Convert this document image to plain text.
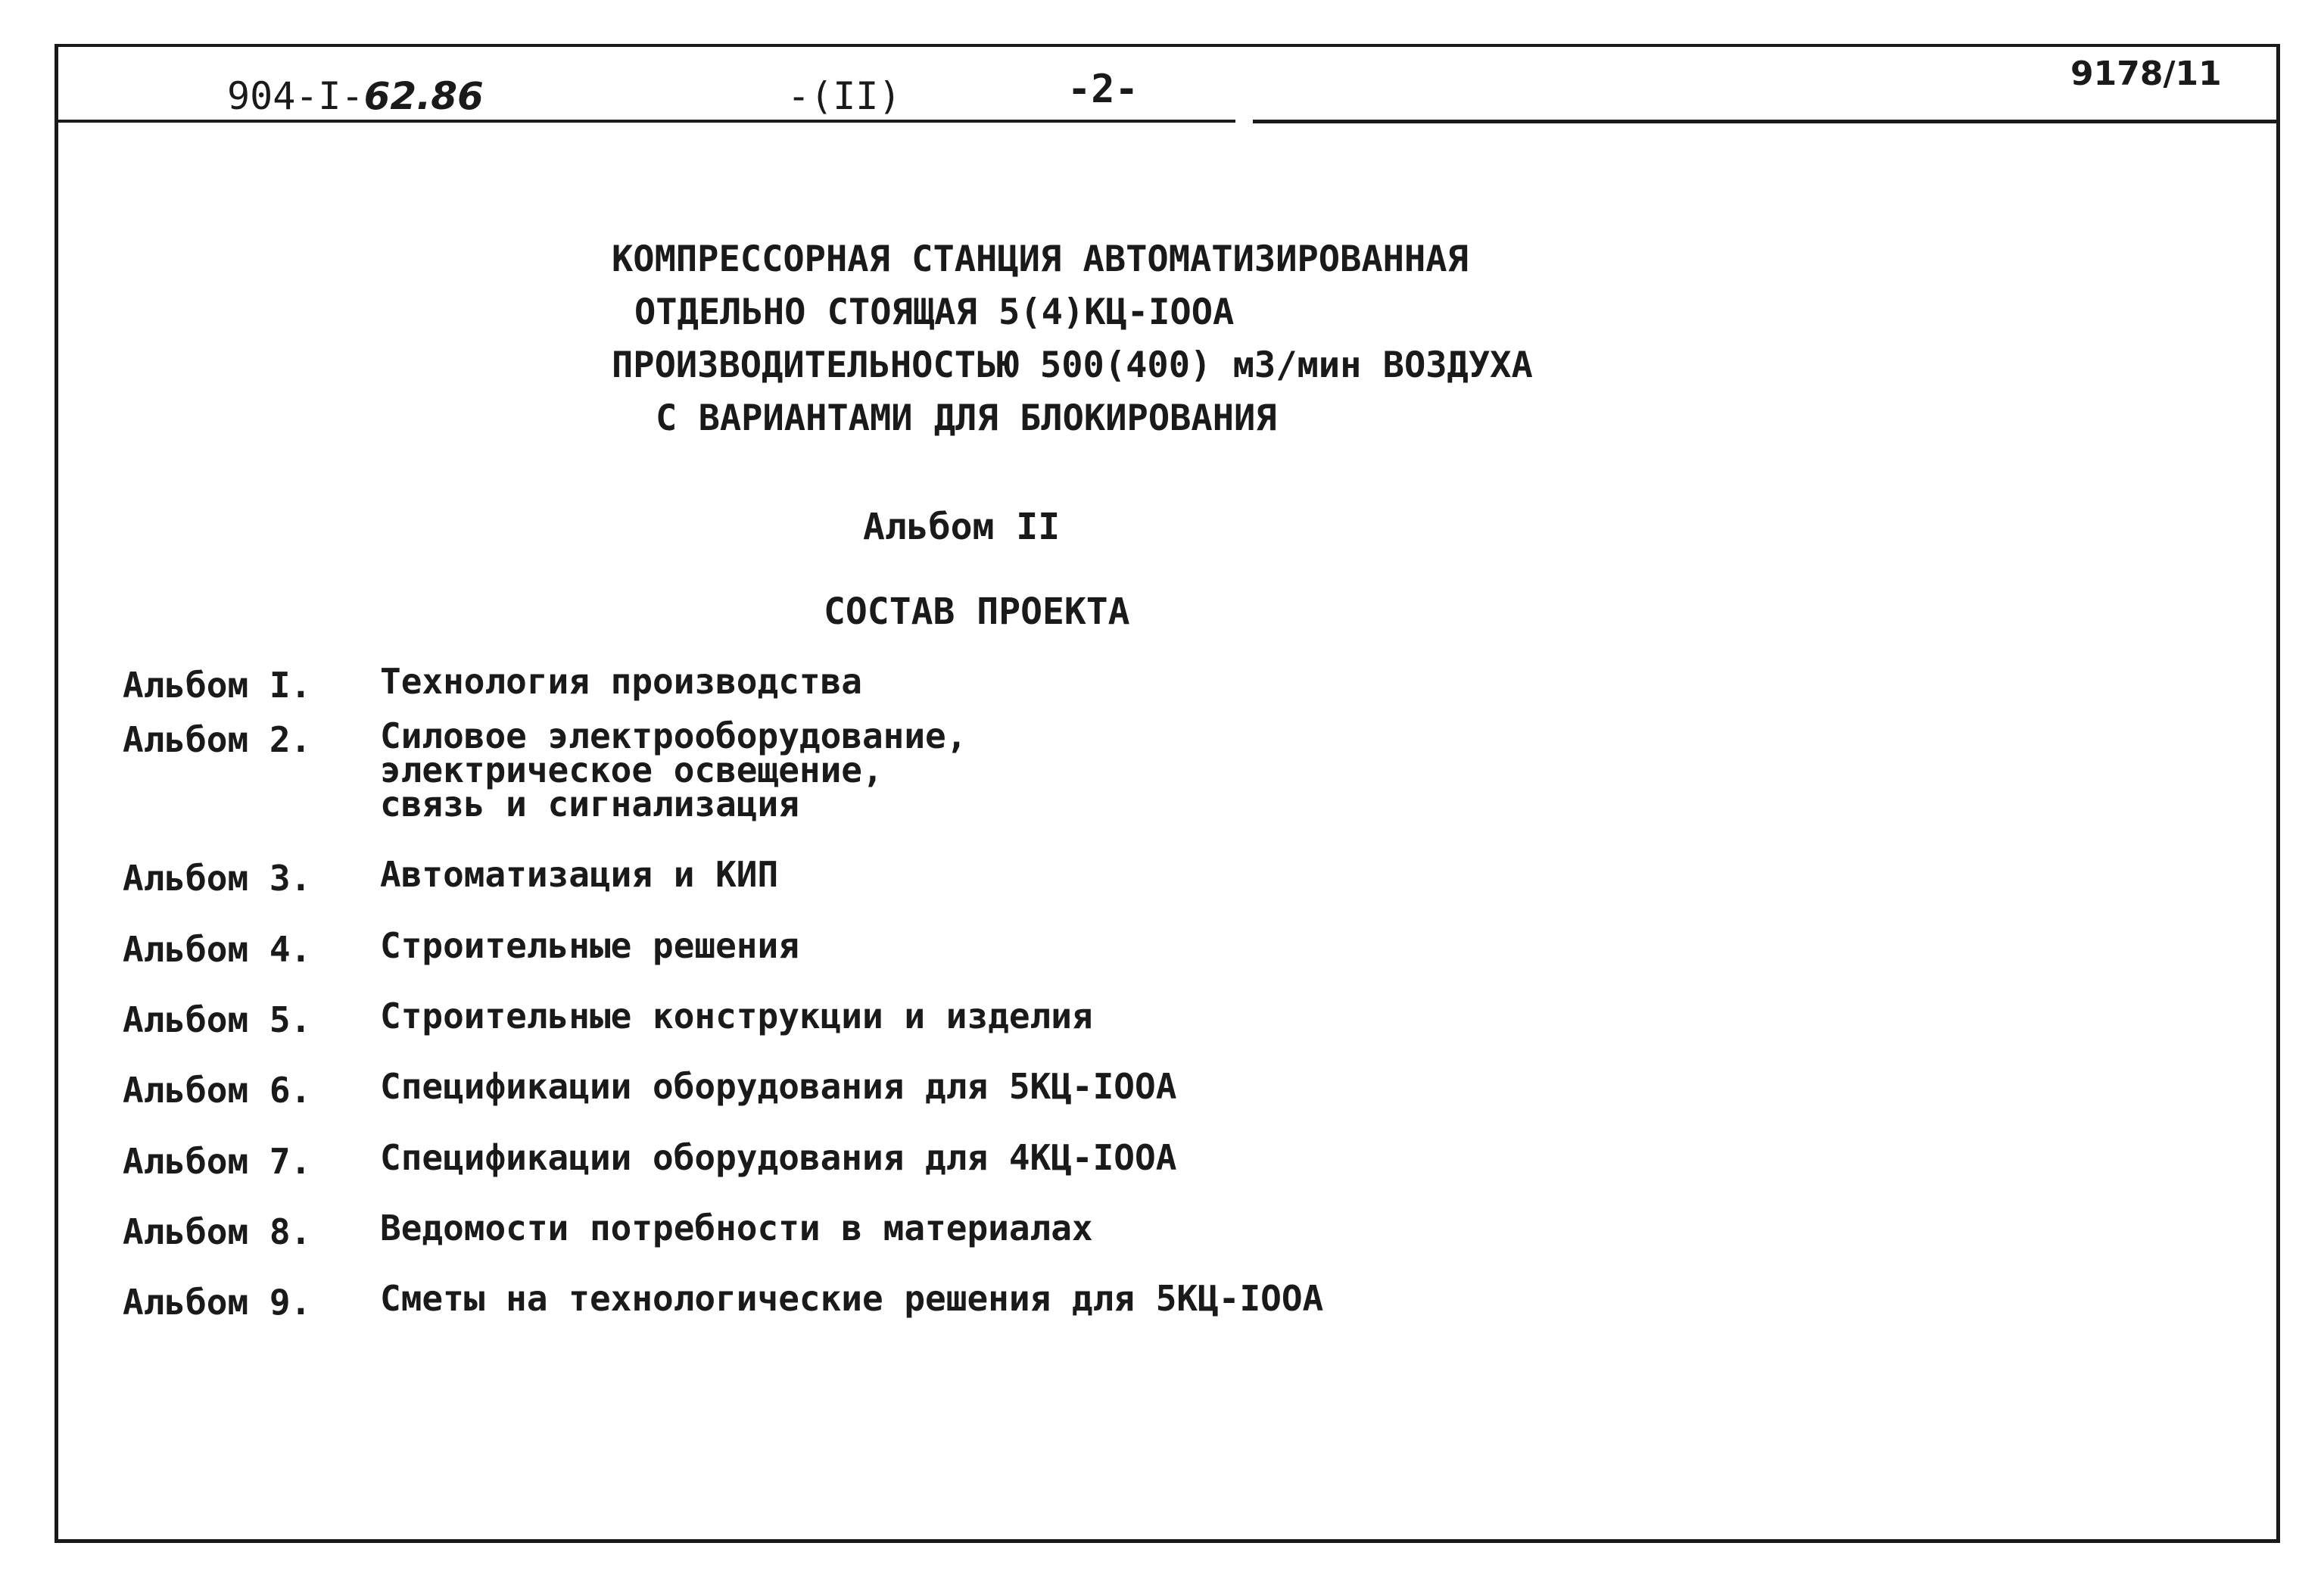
904-I-62.86	-(II)	-2-	9178/11
КОМПРЕССОРНАЯ СТАНЦИЯ АВТОМАТИЗИРОВАННАЯ
ОТДЕЛЬНО СТОЯЩАЯ 5(4)КЦ-IOOA
ПРОИЗВОДИТЕЛЬНОСТЬЮ 500(400) м3/мин ВОЗДУХА
С ВАРИАНТАМИ ДЛЯ БЛОКИРОВАНИЯ
Альбом II
СОСТАВ ПРОЕКТА
Альбом I. Технология производства
Альбом 2. Силовое электрооборудование,
электрическое освещение,
связь и сигнализация
Альбом 3. Автоматизация и КИП
Альбом 4. Строительные решения
Альбом 5. Строительные конструкции и изделия
Альбом 6. Спецификации оборудования для 5КЦ-IOOA
Альбом 7. Спецификации оборудования для 4КЦ-IOOA
Альбом 8. Ведомости потребности в материалах
Альбом 9. Сметы на технологические решения для 5КЦ-IOOA
